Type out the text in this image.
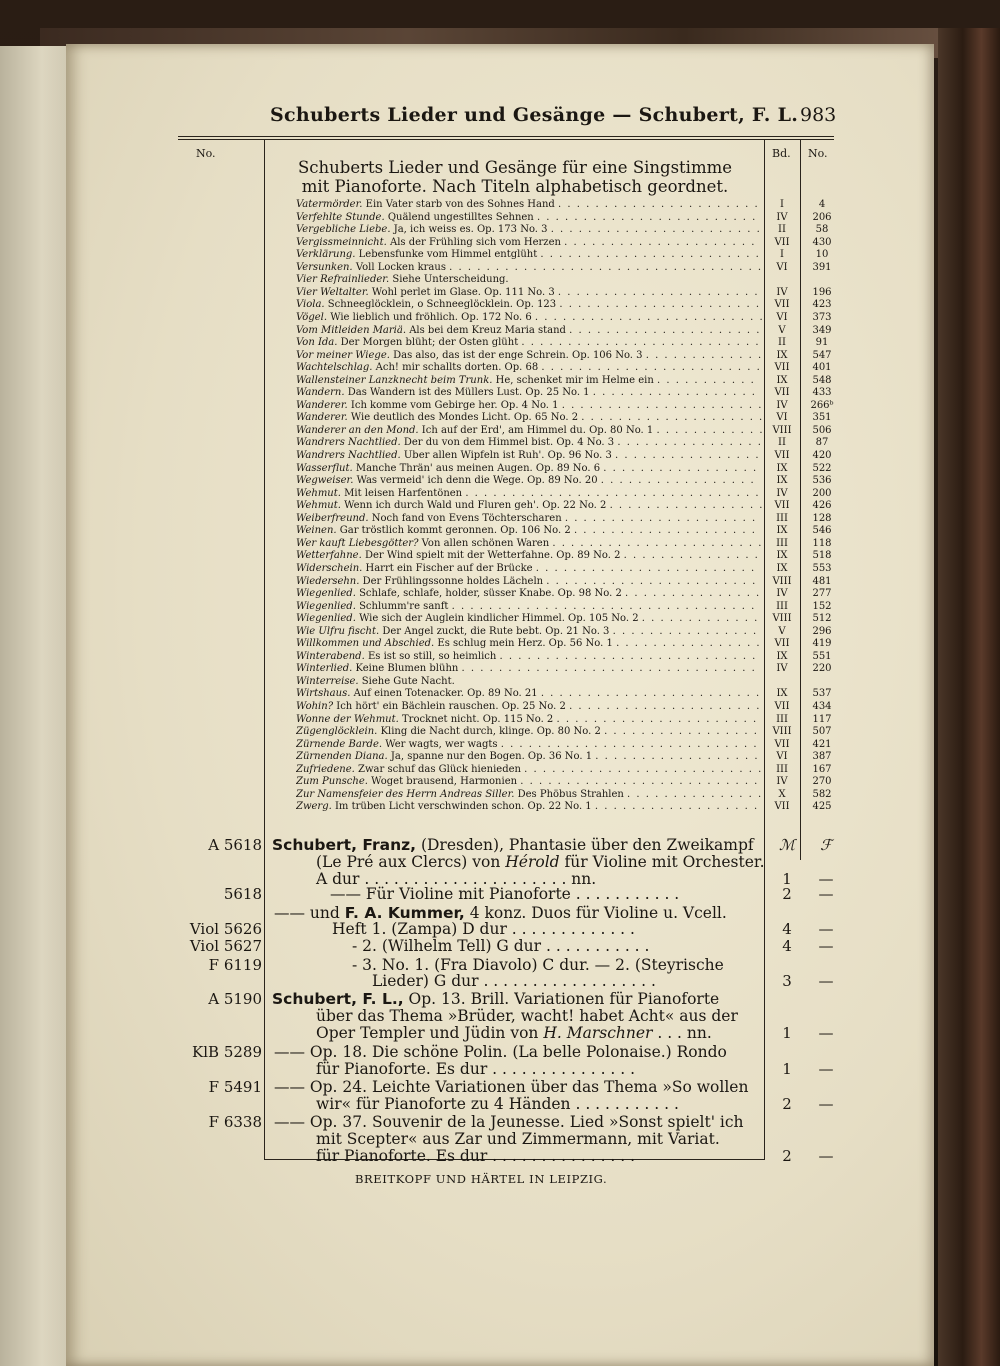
Schuberts Lieder und Gesänge — Schubert, F. L. 983
No.	Bd. No.
Schuberts Lieder und Gesänge für eine Singstimme
mit Pianoforte. Nach Titeln alphabetisch geordnet.
A 5618 Schubert, Franz, (Dresden), Phantasie über den Zweikampf	ℳ	ℱ
(Le Pré aux Clercs) von Hérold für Violine mit Orchester.
A dur . . . . . . . . . . . . . . . . . . . . . nn.	1	—
5618	—— Für Violine mit Pianoforte . . . . . . . . . . .	2	—
—— und F. A. Kummer, 4 konz. Duos für Violine u. Vcell.
Viol 5626	Heft 1. (Zampa) D dur . . . . . . . . . . . . .	4	—
Viol 5627	- 2. (Wilhelm Tell) G dur . . . . . . . . . . .	4	—
F 6119	- 3. No. 1. (Fra Diavolo) C dur. — 2. (Steyrische
Lieder) G dur . . . . . . . . . . . . . . . . . .	3	—
A 5190 Schubert, F. L., Op. 13. Brill. Variationen für Pianoforte
über das Thema »Brüder, wacht! habet Acht« aus der
Oper Templer und Jüdin von H. Marschner . . . nn.	1	—
KlB 5289 —— Op. 18. Die schöne Polin. (La belle Polonaise.) Rondo
für Pianoforte. Es dur . . . . . . . . . . . . . . .	1	—
F 5491 —— Op. 24. Leichte Variationen über das Thema »So wollen
wir« für Pianoforte zu 4 Händen . . . . . . . . . . .	2	—
F 6338 —— Op. 37. Souvenir de la Jeunesse. Lied »Sonst spielt' ich
mit Scepter« aus Zar und Zimmermann, mit Variat.
für Pianoforte. Es dur . . . . . . . . . . . . . . .	2	—
BREITKOPF UND HÄRTEL IN LEIPZIG.
Vatermörder. Ein Vater starb von des Sohnes Hand . . . . . . . . . . . . . . . . . . . . . .	I	4
Verfehlte Stunde. Quälend ungestilltes Sehnen . . . . . . . . . . . . . . . . . . . . . . . .	IV	206
Vergebliche Liebe. Ja, ich weiss es. Op. 173 No. 3 . . . . . . . . . . . . . . . . . . . . . . .	II	58
Vergissmeinnicht. Als der Frühling sich vom Herzen . . . . . . . . . . . . . . . . . . . . .	VII	430
Verklärung. Lebensfunke vom Himmel entglüht . . . . . . . . . . . . . . . . . . . . . . . .	I	10
Versunken. Voll Locken kraus . . . . . . . . . . . . . . . . . . . . . . . . . . . . . . . . . .	VI	391
Vier Refrainlieder. Siehe Unterscheidung.
Vier Weltalter. Wohl perlet im Glase. Op. 111 No. 3 . . . . . . . . . . . . . . . . . . . . . .	IV	196
Viola. Schneeglöcklein, o Schneeglöcklein. Op. 123 . . . . . . . . . . . . . . . . . . . . . .	VII	423
Vögel. Wie lieblich und fröhlich. Op. 172 No. 6 . . . . . . . . . . . . . . . . . . . . . . . . .	VI	373
Vom Mitleiden Mariä. Als bei dem Kreuz Maria stand . . . . . . . . . . . . . . . . . . . . .	V	349
Von Ida. Der Morgen blüht; der Osten glüht . . . . . . . . . . . . . . . . . . . . . . . . . .	II	91
Vor meiner Wiege. Das also, das ist der enge Schrein. Op. 106 No. 3 . . . . . . . . . . . . .	IX	547
Wachtelschlag. Ach! mir schallts dorten. Op. 68 . . . . . . . . . . . . . . . . . . . . . . . .	VII	401
Wallensteiner Lanzknecht beim Trunk. He, schenket mir im Helme ein . . . . . . . . . . .	IX	548
Wandern. Das Wandern ist des Müllers Lust. Op. 25 No. 1 . . . . . . . . . . . . . . . . . .	VII	433
Wanderer. Ich komme vom Gebirge her. Op. 4 No. 1 . . . . . . . . . . . . . . . . . . . . . .	IV	266ᵇ
Wanderer. Wie deutlich des Mondes Licht. Op. 65 No. 2 . . . . . . . . . . . . . . . . . . . .	VI	351
Wanderer an den Mond. Ich auf der Erd', am Himmel du. Op. 80 No. 1 . . . . . . . . . . . . VIII	506
Wandrers Nachtlied. Der du von dem Himmel bist. Op. 4 No. 3 . . . . . . . . . . . . . . . .	II	87
Wandrers Nachtlied. Über allen Wipfeln ist Ruh'. Op. 96 No. 3 . . . . . . . . . . . . . . . .	VII	420
Wasserflut. Manche Thrän' aus meinen Augen. Op. 89 No. 6 . . . . . . . . . . . . . . . . .	IX	522
Wegweiser. Was vermeid' ich denn die Wege. Op. 89 No. 20 . . . . . . . . . . . . . . . . .	IX	536
Wehmut. Mit leisen Harfentönen . . . . . . . . . . . . . . . . . . . . . . . . . . . . . . . .	IV	200
Wehmut. Wenn ich durch Wald und Fluren geh'. Op. 22 No. 2 . . . . . . . . . . . . . . . . .	VII	426
Weiberfreund. Noch fand von Evens Töchterscharen . . . . . . . . . . . . . . . . . . . . .	III	128
Weinen. Gar tröstlich kommt geronnen. Op. 106 No. 2 . . . . . . . . . . . . . . . . . . . .	IX	546
Wer kauft Liebesgötter? Von allen schönen Waren . . . . . . . . . . . . . . . . . . . . . . .	III	118
Wetterfahne. Der Wind spielt mit der Wetterfahne. Op. 89 No. 2 . . . . . . . . . . . . . . .	IX	518
Widerschein. Harrt ein Fischer auf der Brücke . . . . . . . . . . . . . . . . . . . . . . . .	IX	553
Wiedersehn. Der Frühlingssonne holdes Lächeln . . . . . . . . . . . . . . . . . . . . . . .	VIII	481
Wiegenlied. Schlafe, schlafe, holder, süsser Knabe. Op. 98 No. 2 . . . . . . . . . . . . . . .	IV	277
Wiegenlied. Schlumm're sanft . . . . . . . . . . . . . . . . . . . . . . . . . . . . . . . . .	III	152
Wiegenlied. Wie sich der Äuglein kindlicher Himmel. Op. 105 No. 2 . . . . . . . . . . . . .	VIII	512
Wie Ulfru fischt. Der Angel zuckt, die Rute bebt. Op. 21 No. 3 . . . . . . . . . . . . . . . .	V	296
Willkommen und Abschied. Es schlug mein Herz. Op. 56 No. 1 . . . . . . . . . . . . . . . .	VII	419
Winterabend. Es ist so still, so heimlich . . . . . . . . . . . . . . . . . . . . . . . . . . . .	IX	551
Winterlied. Keine Blumen blühn . . . . . . . . . . . . . . . . . . . . . . . . . . . . . . . .	IV	220
Winterreise. Siehe Gute Nacht.
Wirtshaus. Auf einen Totenacker. Op. 89 No. 21 . . . . . . . . . . . . . . . . . . . . . . . .	IX	537
Wohin? Ich hört' ein Bächlein rauschen. Op. 25 No. 2 . . . . . . . . . . . . . . . . . . . . .	VII	434
Wonne der Wehmut. Trocknet nicht. Op. 115 No. 2 . . . . . . . . . . . . . . . . . . . . . .	III	117
Zügenglöcklein. Kling die Nacht durch, klinge. Op. 80 No. 2 . . . . . . . . . . . . . . . . .	VIII	507
Zürnende Barde. Wer wagts, wer wagts . . . . . . . . . . . . . . . . . . . . . . . . . . . .	VII	421
Zürnenden Diana. Ja, spanne nur den Bogen. Op. 36 No. 1 . . . . . . . . . . . . . . . . . .	VI	387
Zufriedene. Zwar schuf das Glück hienieden . . . . . . . . . . . . . . . . . . . . . . . . . .	III	167
Zum Punsche. Woget brausend, Harmonien . . . . . . . . . . . . . . . . . . . . . . . . . .	IV	270
Zur Namensfeier des Herrn Andreas Siller. Des Phöbus Strahlen . . . . . . . . . . . . . . .	X	582
Zwerg. Im trüben Licht verschwinden schon. Op. 22 No. 1 . . . . . . . . . . . . . . . . . .	VII	425
